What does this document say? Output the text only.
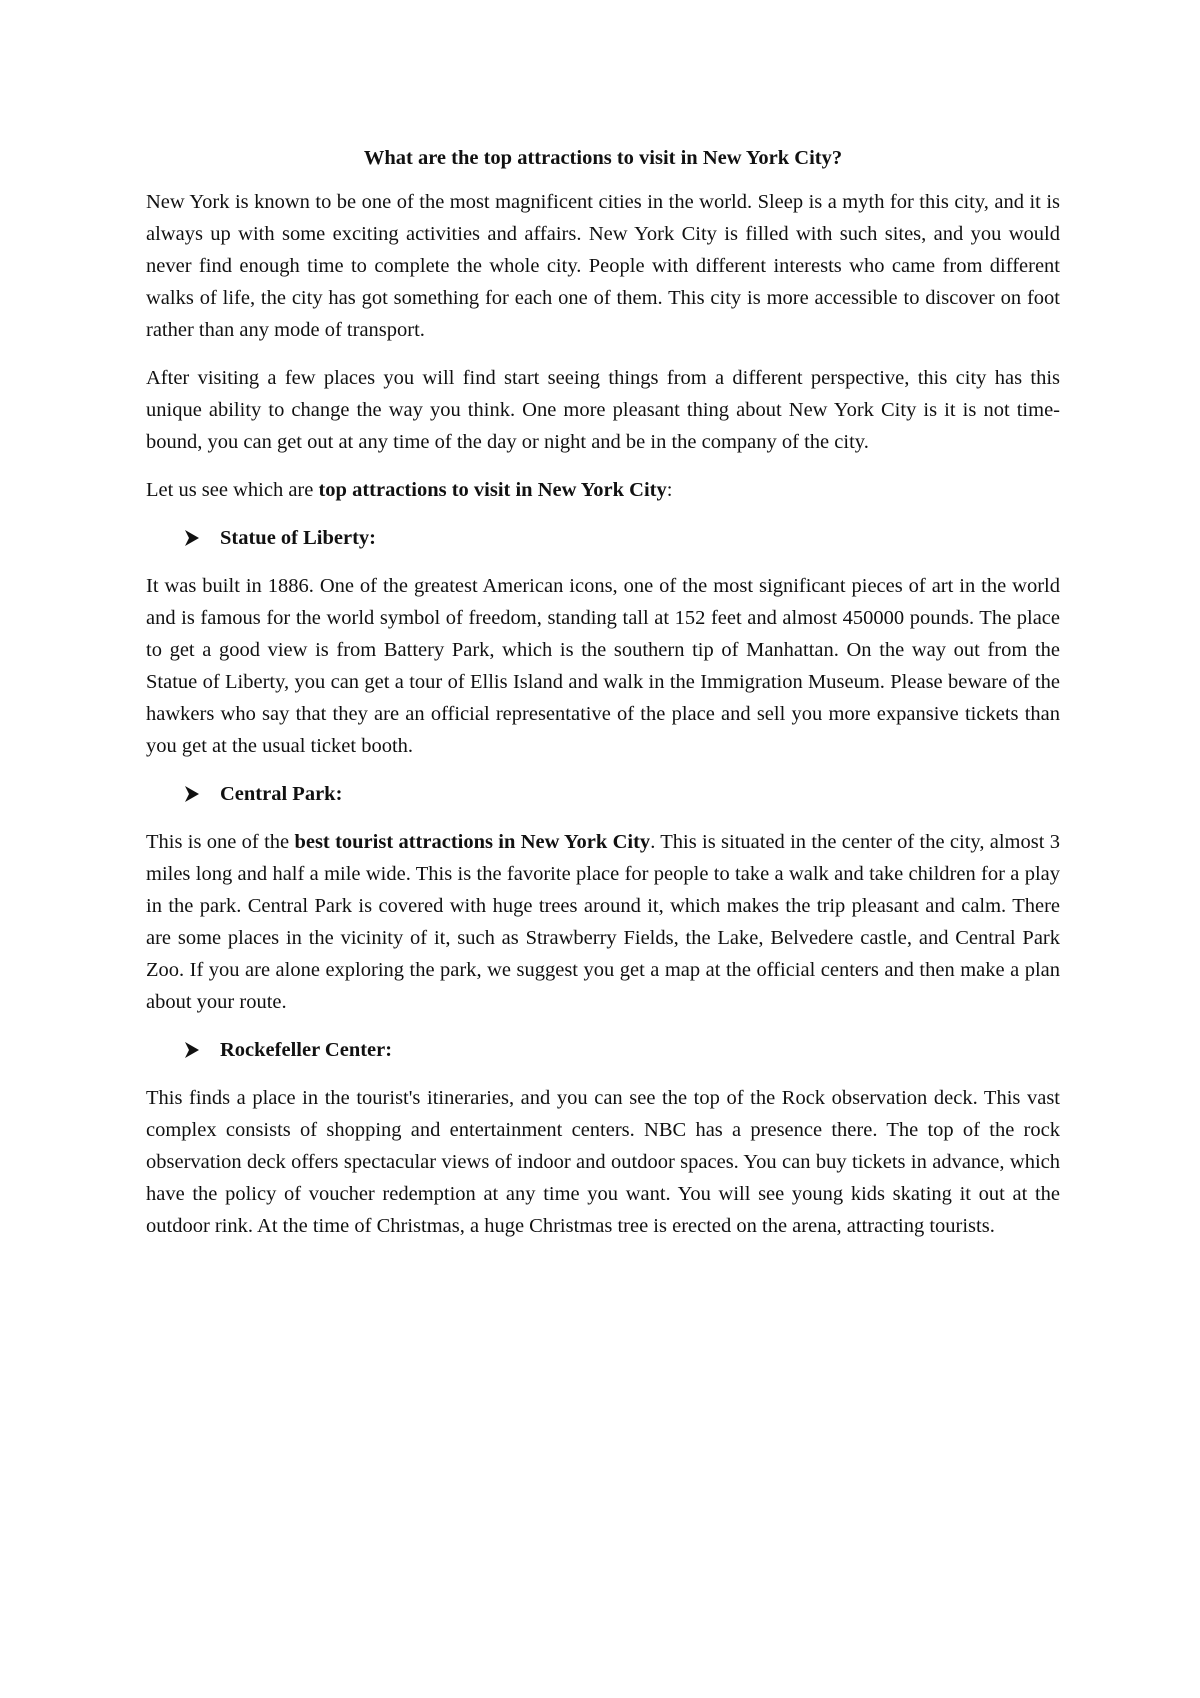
What are the top attractions to visit in New York City?

New York is known to be one of the most magnificent cities in the world. Sleep is a myth for this city, and it is always up with some exciting activities and affairs. New York City is filled with such sites, and you would never find enough time to complete the whole city. People with different interests who came from different walks of life, the city has got something for each one of them. This city is more accessible to discover on foot rather than any mode of transport.

After visiting a few places you will find start seeing things from a different perspective, this city has this unique ability to change the way you think. One more pleasant thing about New York City is it is not time-bound, you can get out at any time of the day or night and be in the company of the city.

Let us see which are top attractions to visit in New York City:

Statue of Liberty:

It was built in 1886. One of the greatest American icons, one of the most significant pieces of art in the world and is famous for the world symbol of freedom, standing tall at 152 feet and almost 450000 pounds. The place to get a good view is from Battery Park, which is the southern tip of Manhattan. On the way out from the Statue of Liberty, you can get a tour of Ellis Island and walk in the Immigration Museum. Please beware of the hawkers who say that they are an official representative of the place and sell you more expansive tickets than you get at the usual ticket booth.

Central Park:

This is one of the best tourist attractions in New York City. This is situated in the center of the city, almost 3 miles long and half a mile wide. This is the favorite place for people to take a walk and take children for a play in the park. Central Park is covered with huge trees around it, which makes the trip pleasant and calm. There are some places in the vicinity of it, such as Strawberry Fields, the Lake, Belvedere castle, and Central Park Zoo. If you are alone exploring the park, we suggest you get a map at the official centers and then make a plan about your route.

Rockefeller Center:

This finds a place in the tourist's itineraries, and you can see the top of the Rock observation deck. This vast complex consists of shopping and entertainment centers. NBC has a presence there. The top of the rock observation deck offers spectacular views of indoor and outdoor spaces. You can buy tickets in advance, which have the policy of voucher redemption at any time you want. You will see young kids skating it out at the outdoor rink. At the time of Christmas, a huge Christmas tree is erected on the arena, attracting tourists.
